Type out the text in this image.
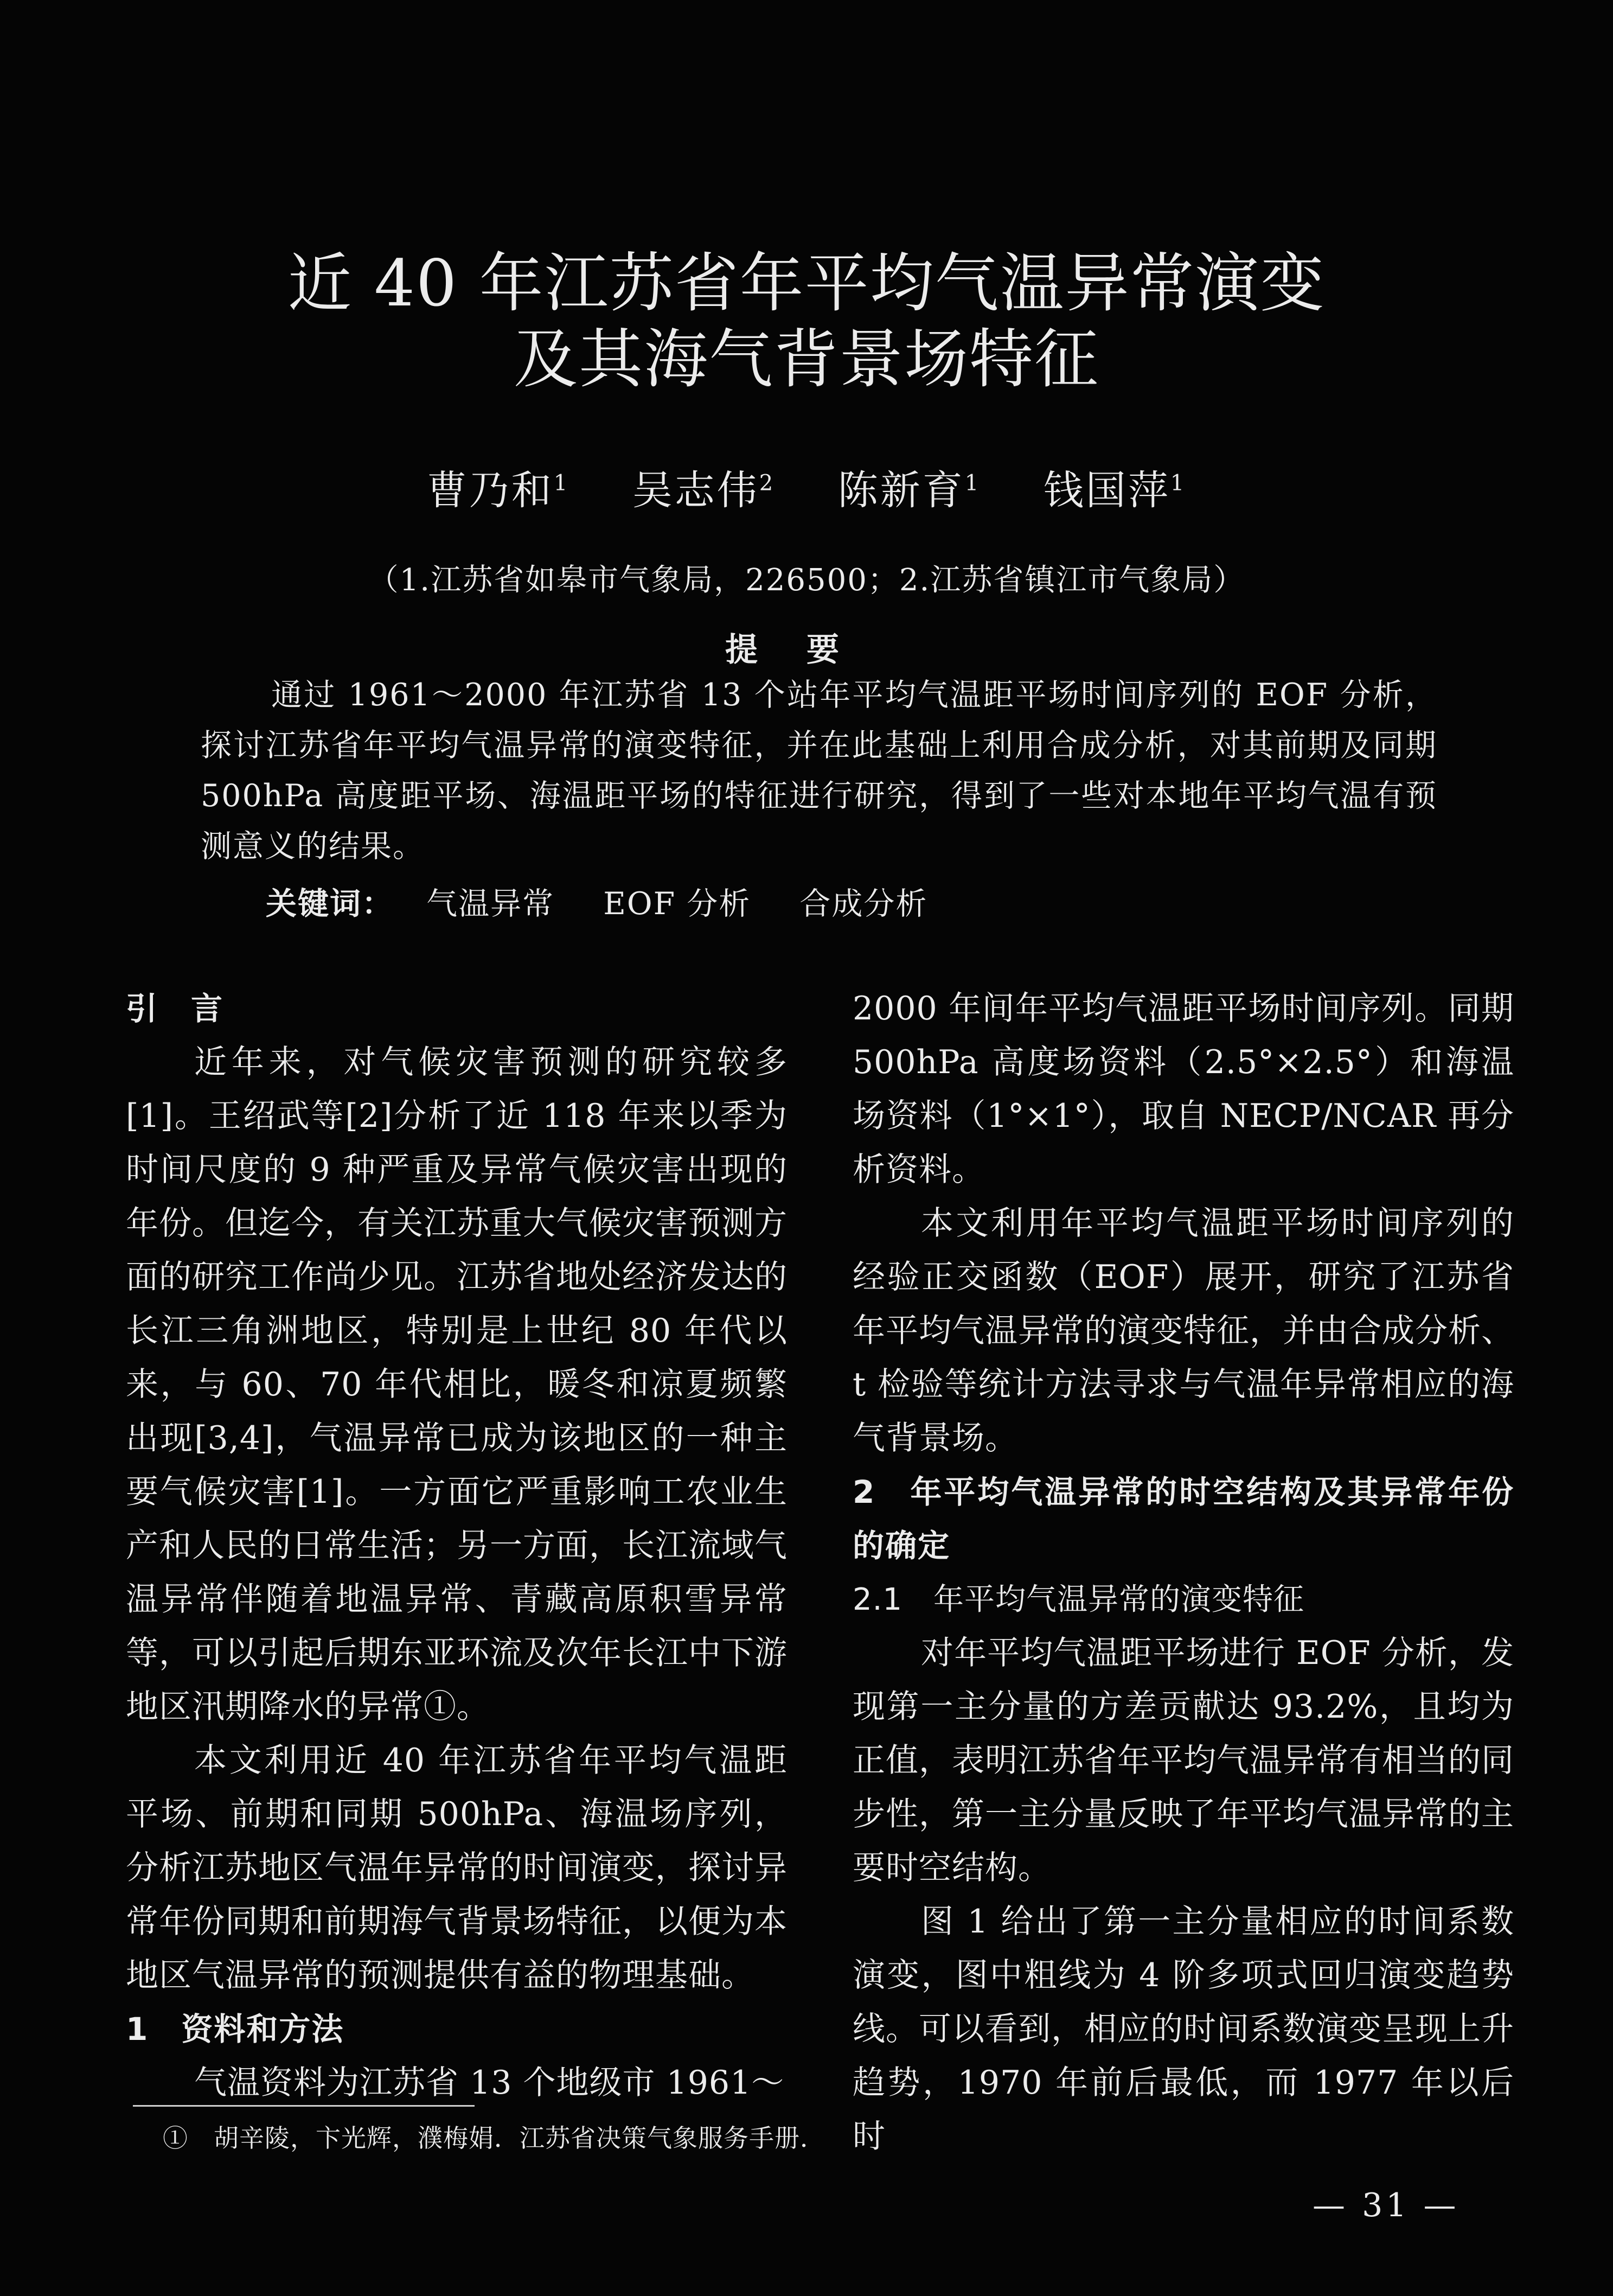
近 40 年江苏省年平均气温异常演变
及其海气背景场特征
曹乃和$^1$ 吴志伟$^2$ 陈新育$^1$ 钱国萍$^1$
（1.江苏省如皋市气象局，226500；2.江苏省镇江市气象局）
提要
通过 1961～2000 年江苏省 13 个站年平均气温距平场时间序列的 EOF 分析，探讨江苏省年平均气温异常的演变特征，并在此基础上利用合成分析，对其前期及同期 500hPa 高度距平场、海温距平场的特征进行研究，得到了一些对本地年平均气温有预测意义的结果。
关键词： 气温异常 EOF 分析 合成分析
引　言

近年来，对气候灾害预测的研究较多[1]。王绍武等[2]分析了近 118 年来以季为时间尺度的 9 种严重及异常气候灾害出现的年份。但迄今，有关江苏重大气候灾害预测方面的研究工作尚少见。江苏省地处经济发达的长江三角洲地区，特别是上世纪 80 年代以来，与 60、70 年代相比，暖冬和凉夏频繁出现[3,4]，气温异常已成为该地区的一种主要气候灾害[1]。一方面它严重影响工农业生产和人民的日常生活；另一方面，长江流域气温异常伴随着地温异常、青藏高原积雪异常等，可以引起后期东亚环流及次年长江中下游地区汛期降水的异常①。

本文利用近 40 年江苏省年平均气温距平场、前期和同期 500hPa、海温场序列，分析江苏地区气温年异常的时间演变，探讨异常年份同期和前期海气背景场特征，以便为本地区气温异常的预测提供有益的物理基础。

1　资料和方法

气温资料为江苏省 13 个地级市 1961～

2000 年间年平均气温距平场时间序列。同期 500hPa 高度场资料（2.5°×2.5°）和海温场资料（1°×1°），取自 NECP/NCAR 再分析资料。

本文利用年平均气温距平场时间序列的经验正交函数（EOF）展开，研究了江苏省年平均气温异常的演变特征，并由合成分析、t 检验等统计方法寻求与气温年异常相应的海气背景场。

2　年平均气温异常的时空结构及其异常年份的确定
2.1　年平均气温异常的演变特征

对年平均气温距平场进行 EOF 分析，发现第一主分量的方差贡献达 93.2%，且均为正值，表明江苏省年平均气温异常有相当的同步性，第一主分量反映了年平均气温异常的主要时空结构。

图 1 给出了第一主分量相应的时间系数演变，图中粗线为 4 阶多项式回归演变趋势线。可以看到，相应的时间系数演变呈现上升趋势，1970 年前后最低，而 1977 年以后时

①　胡辛陵，卞光辉，濮梅娟．江苏省决策气象服务手册．
— 31 —
